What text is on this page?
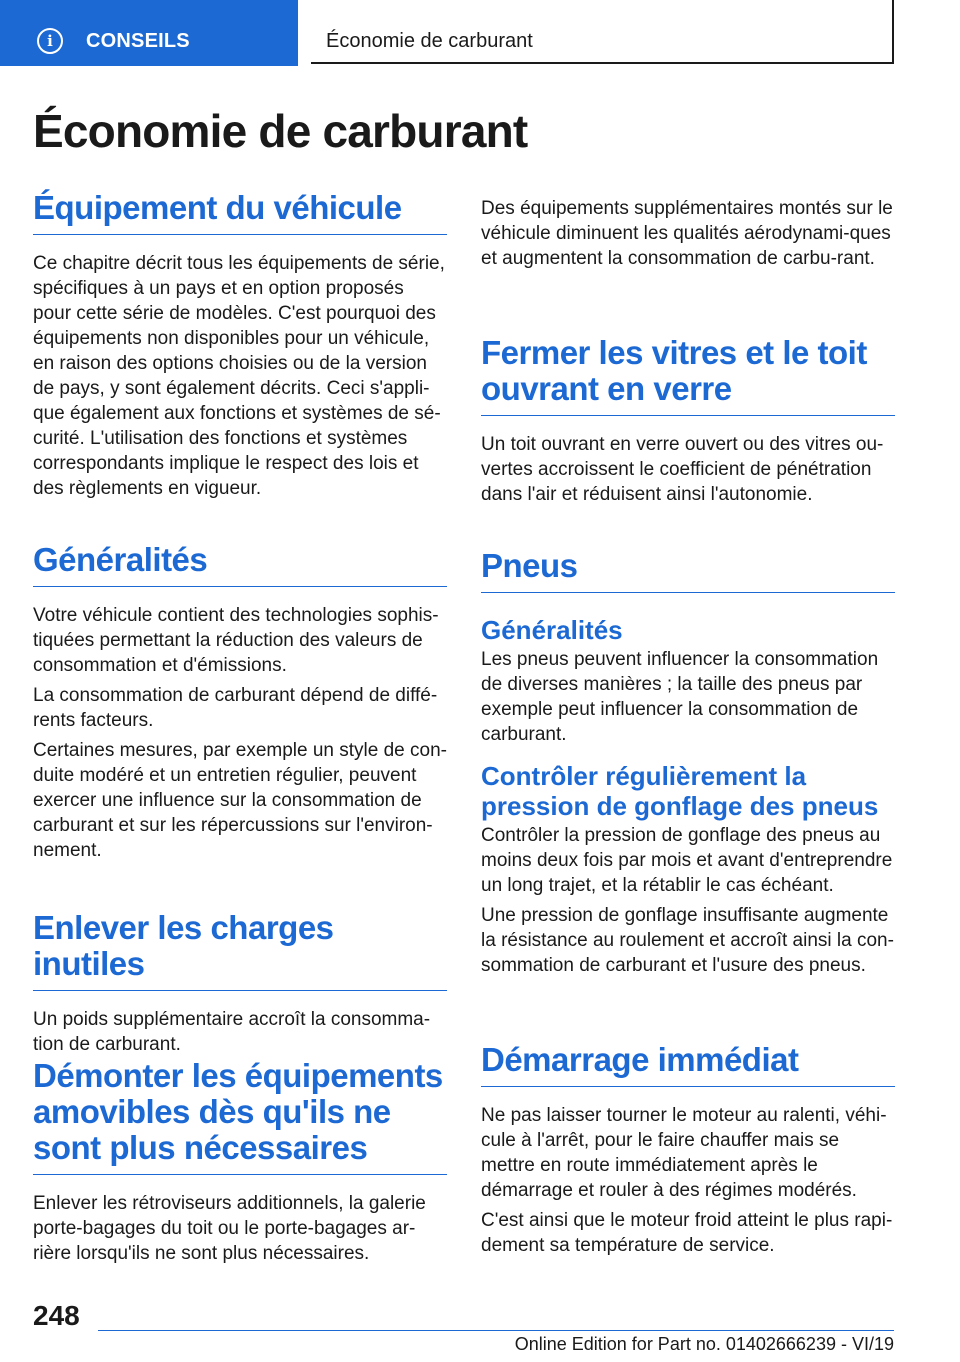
i	CONSEILS	Économie de carburant
Économie de carburant
Équipement du véhicule

Ce chapitre décrit tous les équipements de série, spécifiques à un pays et en option proposés pour cette série de modèles. C'est pourquoi des équipements non disponibles pour un véhicule, en raison des options choisies ou de la version de pays, y sont également décrits. Ceci s'appli‐que également aux fonctions et systèmes de sé‐curité. L'utilisation des fonctions et systèmes correspondants implique le respect des lois et des règlements en vigueur.

Généralités

Votre véhicule contient des technologies sophis‐tiquées permettant la réduction des valeurs de consommation et d'émissions.

La consommation de carburant dépend de diffé‐rents facteurs.

Certaines mesures, par exemple un style de con‐duite modéré et un entretien régulier, peuvent exercer une influence sur la consommation de carburant et sur les répercussions sur l'environ‐nement.

Enlever les charges inutiles

Un poids supplémentaire accroît la consomma‐tion de carburant.

Démonter les équipements amovibles dès qu'ils ne sont plus nécessaires

Enlever les rétroviseurs additionnels, la galerie porte-bagages du toit ou le porte-bagages ar‐rière lorsqu'ils ne sont plus nécessaires.

Des équipements supplémentaires montés sur le véhicule diminuent les qualités aérodynami‐ques et augmentent la consommation de carbu‐rant.

Fermer les vitres et le toit ouvrant en verre

Un toit ouvrant en verre ouvert ou des vitres ou‐vertes accroissent le coefficient de pénétration dans l'air et réduisent ainsi l'autonomie.

Pneus
Généralités

Les pneus peuvent influencer la consommation de diverses manières ; la taille des pneus par exemple peut influencer la consommation de carburant.

Contrôler régulièrement la pression de gonflage des pneus

Contrôler la pression de gonflage des pneus au moins deux fois par mois et avant d'entreprendre un long trajet, et la rétablir le cas échéant.

Une pression de gonflage insuffisante augmente la résistance au roulement et accroît ainsi la con‐sommation de carburant et l'usure des pneus.

Démarrage immédiat

Ne pas laisser tourner le moteur au ralenti, véhi‐cule à l'arrêt, pour le faire chauffer mais se mettre en route immédiatement après le démarrage et rouler à des régimes modérés.

C'est ainsi que le moteur froid atteint le plus rapi‐dement sa température de service.

248
Online Edition for Part no. 01402666239 - VI/19
